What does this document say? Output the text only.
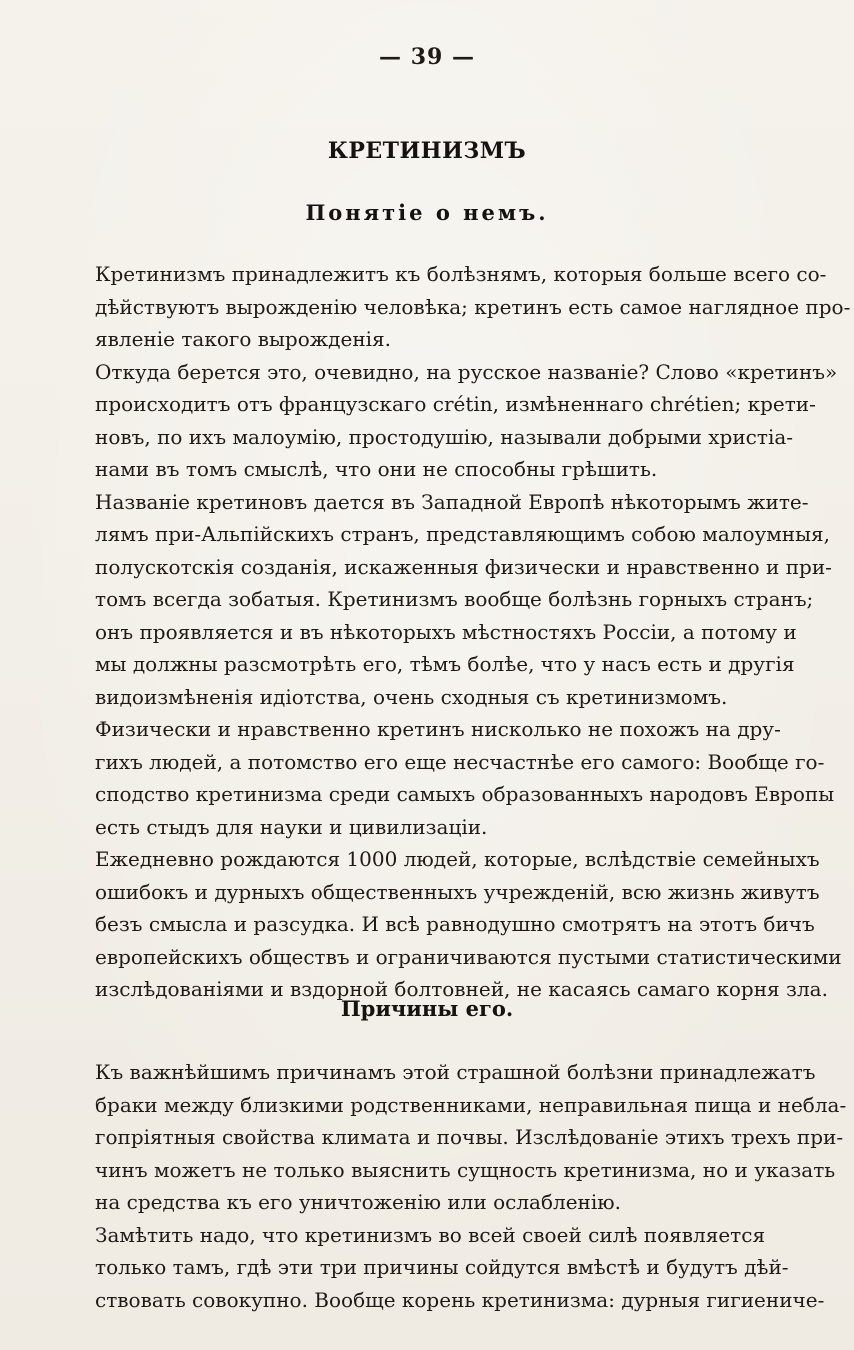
— 39 —
КРЕТИНИЗМЪ
Понятіе о немъ.
Кретинизмъ принадлежитъ къ болѣзнямъ, которыя больше всего со-
дѣйствуютъ вырожденію человѣка; кретинъ есть самое наглядное про-
явленіе такого вырожденія.
Откуда берется это, очевидно, на русское названіе? Слово «кретинъ»
происходитъ отъ французскаго crétin, измѣненнаго chrétien; крети-
новъ, по ихъ малоумію, простодушію, называли добрыми христіа-
нами въ томъ смыслѣ, что они не способны грѣшить.
Названіе кретиновъ дается въ Западной Европѣ нѣкоторымъ жите-
лямъ при-Альпійскихъ странъ, представляющимъ собою малоумныя,
полускотскія созданія, искаженныя физически и нравственно и при-
томъ всегда зобатыя. Кретинизмъ вообще болѣзнь горныхъ странъ;
онъ проявляется и въ нѣкоторыхъ мѣстностяхъ Россіи, а потому и
мы должны разсмотрѣть его, тѣмъ болѣе, что у насъ есть и другія
видоизмѣненія идіотства, очень сходныя съ кретинизмомъ.
Физически и нравственно кретинъ нисколько не похожъ на дру-
гихъ людей, а потомство его еще несчастнѣе его самого: Вообще го-
сподство кретинизма среди самыхъ образованныхъ народовъ Европы
есть стыдъ для науки и цивилизаціи.
Ежедневно рождаются 1000 людей, которые, вслѣдствіе семейныхъ
ошибокъ и дурныхъ общественныхъ учрежденій, всю жизнь живутъ
безъ смысла и разсудка. И всѣ равнодушно смотрятъ на этотъ бичъ
европейскихъ обществъ и ограничиваются пустыми статистическими
изслѣдованіями и вздорной болтовней, не касаясь самаго корня зла.
Причины его.
Къ важнѣйшимъ причинамъ этой страшной болѣзни принадлежатъ
браки между близкими родственниками, неправильная пища и небла-
гопріятныя свойства климата и почвы. Изслѣдованіе этихъ трехъ при-
чинъ можетъ не только выяснить сущность кретинизма, но и указать
на средства къ его уничтоженію или ослабленію.
Замѣтить надо, что кретинизмъ во всей своей силѣ появляется
только тамъ, гдѣ эти три причины сойдутся вмѣстѣ и будутъ дѣй-
ствовать совокупно. Вообще корень кретинизма: дурныя гигиениче-
